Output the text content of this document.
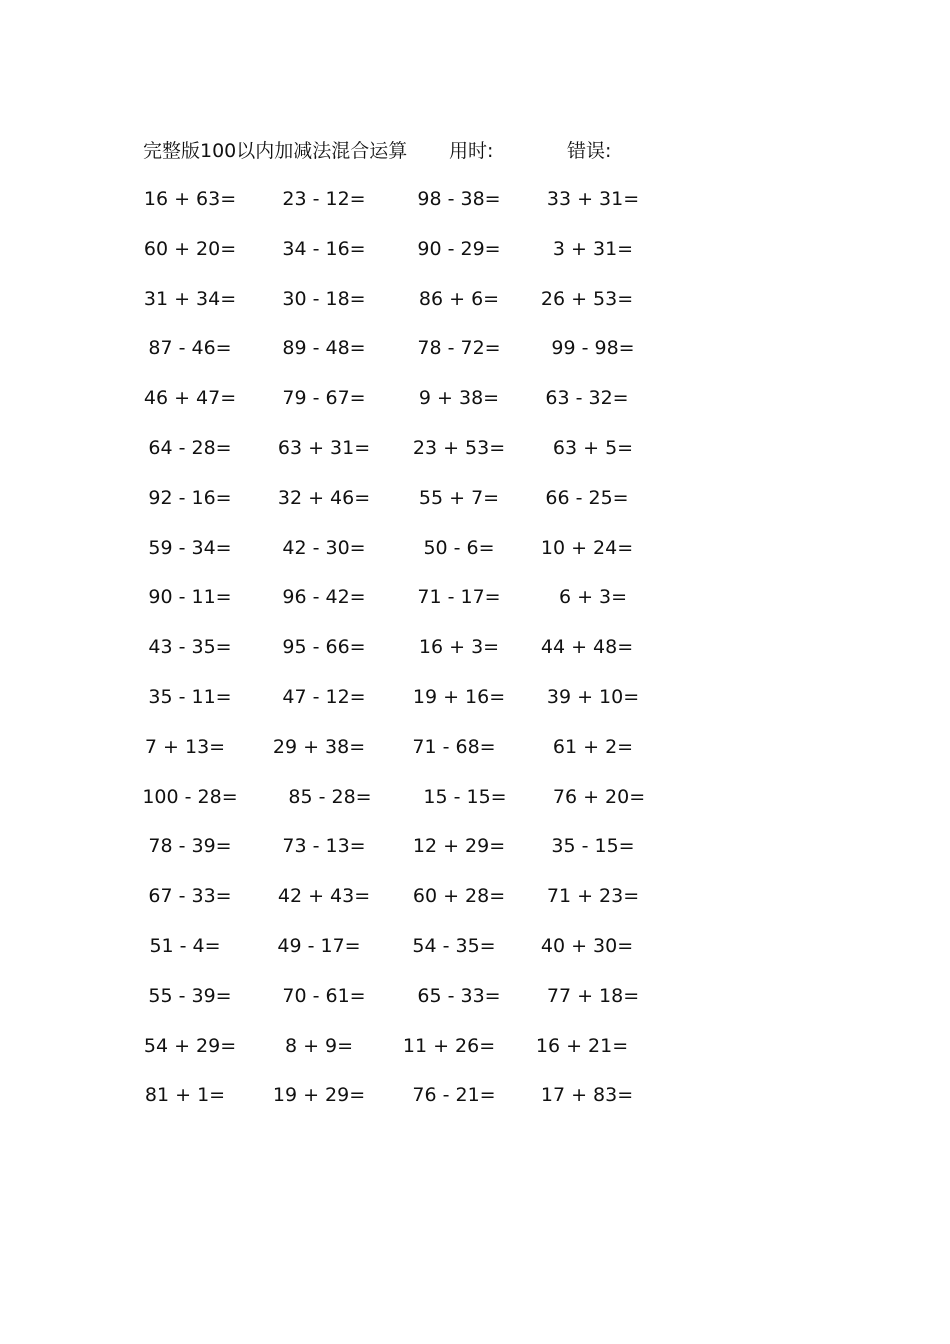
完整版100以内加减法混合运算 用时:	错误:
16 + 63=	23 - 12=	98 - 38=	33 + 31=
60 + 20=	34 - 16=	90 - 29=	3 + 31=
31 + 34=	30 - 18=	86 + 6=	26 + 53=
87 - 46=	89 - 48=	78 - 72=	99 - 98=
46 + 47=	79 - 67=	9 + 38=	63 - 32=
64 - 28=	63 + 31=	23 + 53=	63 + 5=
92 - 16=	32 + 46=	55 + 7=	66 - 25=
59 - 34=	42 - 30=	50 - 6=	10 + 24=
90 - 11=	96 - 42=	71 - 17=	6 + 3=
43 - 35=	95 - 66=	16 + 3=	44 + 48=
35 - 11=	47 - 12=	19 + 16=	39 + 10=
7 + 13=	29 + 38=	71 - 68=	61 + 2=
100 - 28=	85 - 28=	15 - 15=	76 + 20=
78 - 39=	73 - 13=	12 + 29=	35 - 15=
67 - 33=	42 + 43=	60 + 28=	71 + 23=
51 - 4=	49 - 17=	54 - 35=	40 + 30=
55 - 39=	70 - 61=	65 - 33=	77 + 18=
54 + 29=	8 + 9=	11 + 26=	16 + 21=
81 + 1=	19 + 29=	76 - 21=	17 + 83=
